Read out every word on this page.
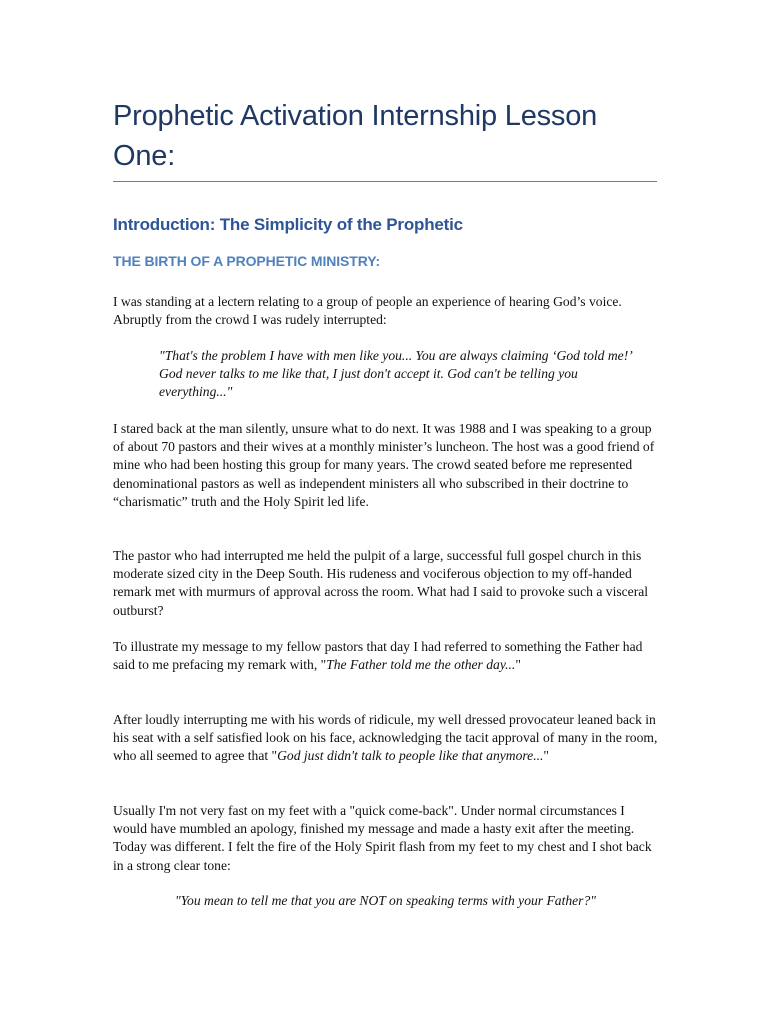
Prophetic Activation Internship Lesson One:
Introduction: The Simplicity of the Prophetic
THE BIRTH OF A PROPHETIC MINISTRY:

I was standing at a lectern relating to a group of people an experience of hearing God’s voice. Abruptly from the crowd I was rudely interrupted:

"That's the problem I have with men like you... You are always claiming ‘God told me!’ God never talks to me like that, I just don't accept it. God can't be telling you everything..."

I stared back at the man silently, unsure what to do next. It was 1988 and I was speaking to a group of about 70 pastors and their wives at a monthly minister’s luncheon. The host was a good friend of mine who had been hosting this group for many years. The crowd seated before me represented denominational pastors as well as independent ministers all who subscribed in their doctrine to “charismatic” truth and the Holy Spirit led life.

The pastor who had interrupted me held the pulpit of a large, successful full gospel church in this moderate sized city in the Deep South. His rudeness and vociferous objection to my off-handed remark met with murmurs of approval across the room. What had I said to provoke such a visceral outburst?

To illustrate my message to my fellow pastors that day I had referred to something the Father had said to me prefacing my remark with, "The Father told me the other day..."

After loudly interrupting me with his words of ridicule, my well dressed provocateur leaned back in his seat with a self satisfied look on his face, acknowledging the tacit approval of many in the room, who all seemed to agree that "God just didn't talk to people like that anymore..."

Usually I'm not very fast on my feet with a "quick come-back". Under normal circumstances I would have mumbled an apology, finished my message and made a hasty exit after the meeting. Today was different. I felt the fire of the Holy Spirit flash from my feet to my chest and I shot back in a strong clear tone:

"You mean to tell me that you are NOT on speaking terms with your Father?"
